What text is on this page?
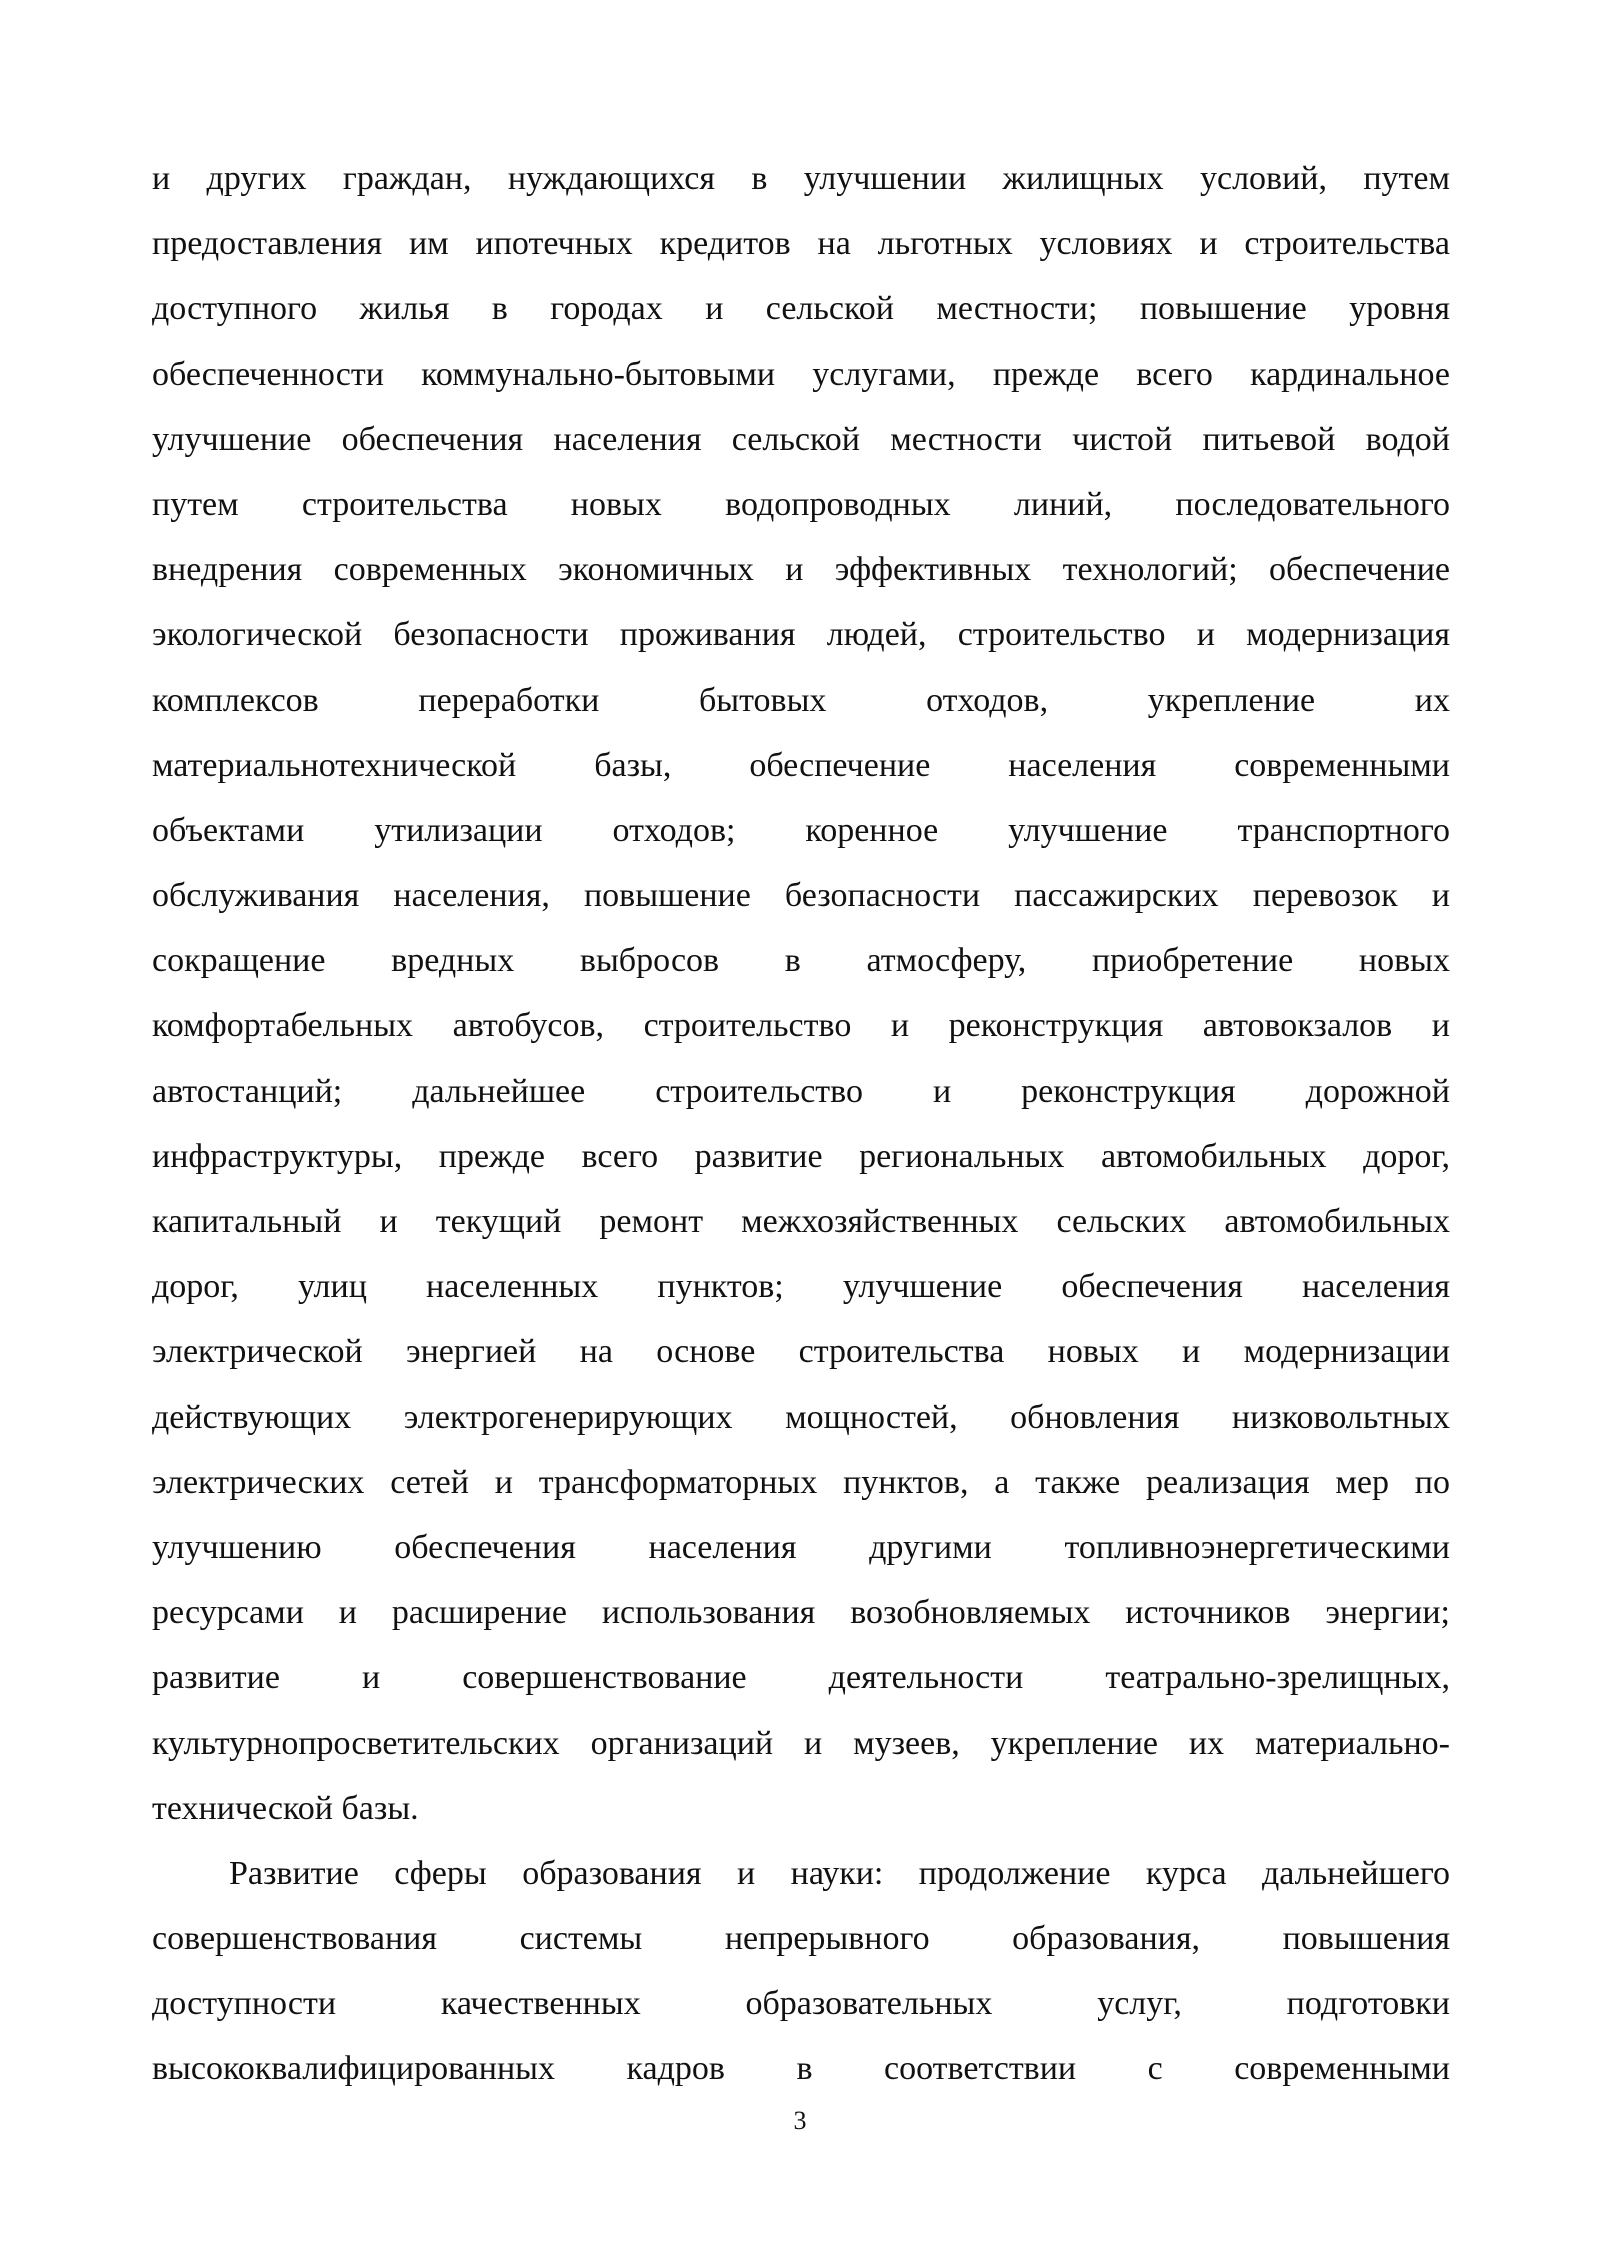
и других граждан, нуждающихся в улучшении жилищных условий, путем
предоставления им ипотечных кредитов на льготных условиях и строительства
доступного жилья в городах и сельской местности; повышение уровня
обеспеченности коммунально-бытовыми услугами, прежде всего кардинальное
улучшение обеспечения населения сельской местности чистой питьевой водой
путем строительства новых водопроводных линий, последовательного
внедрения современных экономичных и эффективных технологий; обеспечение
экологической безопасности проживания людей, строительство и модернизация
комплексов переработки бытовых отходов, укрепление их
материальнотехнической базы, обеспечение населения современными
объектами утилизации отходов; коренное улучшение транспортного
обслуживания населения, повышение безопасности пассажирских перевозок и
сокращение вредных выбросов в атмосферу, приобретение новых
комфортабельных автобусов, строительство и реконструкция автовокзалов и
автостанций; дальнейшее строительство и реконструкция дорожной
инфраструктуры, прежде всего развитие региональных автомобильных дорог,
капитальный и текущий ремонт межхозяйственных сельских автомобильных
дорог, улиц населенных пунктов; улучшение обеспечения населения
электрической энергией на основе строительства новых и модернизации
действующих электрогенерирующих мощностей, обновления низковольтных
электрических сетей и трансформаторных пунктов, а также реализация мер по
улучшению обеспечения населения другими топливноэнергетическими
ресурсами и расширение использования возобновляемых источников энергии;
развитие и совершенствование деятельности театрально-зрелищных,
культурнопросветительских организаций и музеев, укрепление их материально-
технической базы.
Развитие сферы образования и науки: продолжение курса дальнейшего
совершенствования системы непрерывного образования, повышения
доступности качественных образовательных услуг, подготовки
высококвалифицированных кадров в соответствии с современными
3
